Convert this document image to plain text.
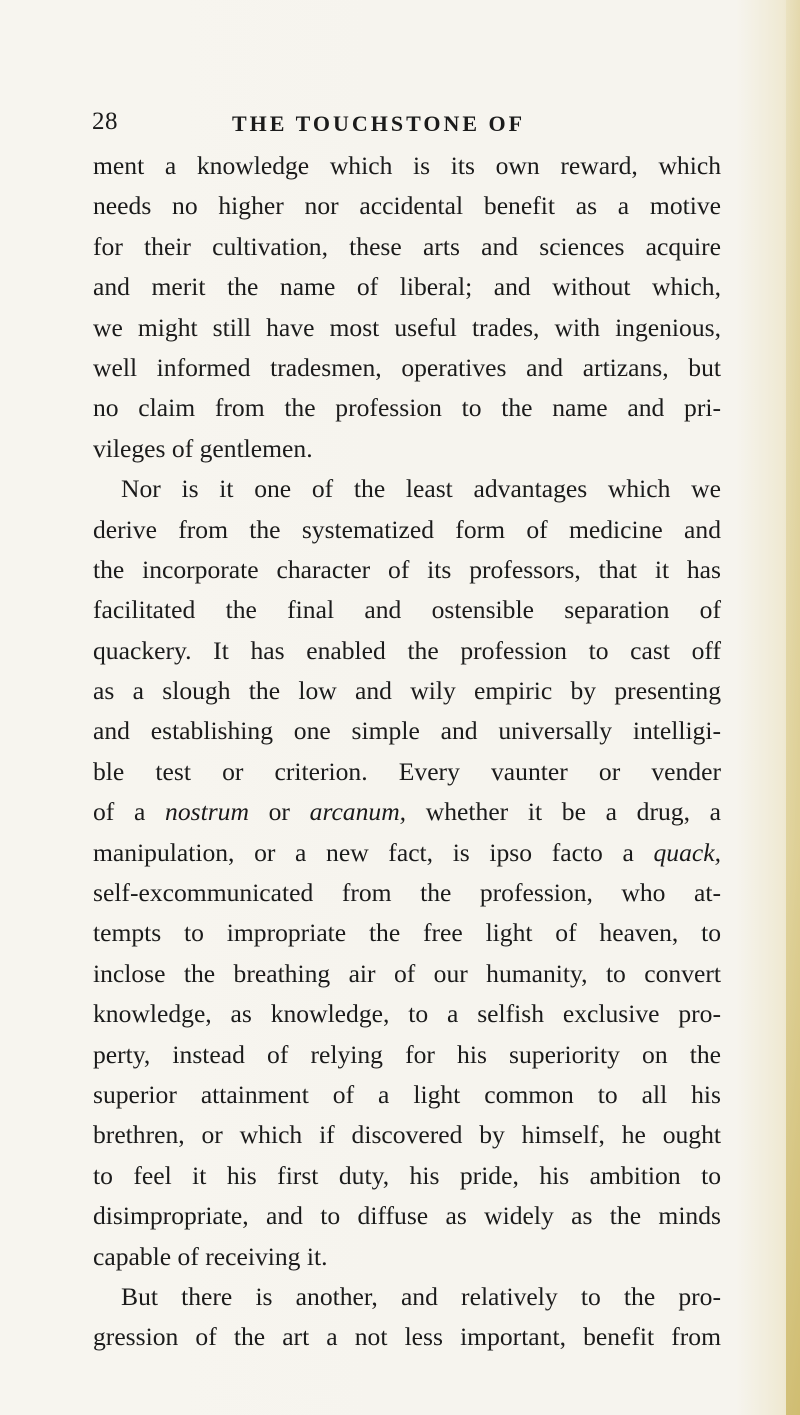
28	THE TOUCHSTONE OF
ment a knowledge which is its own reward, which
needs no higher nor accidental benefit as a motive
for their cultivation, these arts and sciences acquire
and merit the name of liberal; and without which,
we might still have most useful trades, with ingenious,
well informed tradesmen, operatives and artizans, but
no claim from the profession to the name and pri-
vileges of gentlemen.
Nor is it one of the least advantages which we
derive from the systematized form of medicine and
the incorporate character of its professors, that it has
facilitated the final and ostensible separation of
quackery. It has enabled the profession to cast off
as a slough the low and wily empiric by presenting
and establishing one simple and universally intelligi-
ble test or criterion. Every vaunter or vender
of a nostrum or arcanum, whether it be a drug, a
manipulation, or a new fact, is ipso facto a quack,
self-excommunicated from the profession, who at-
tempts to impropriate the free light of heaven, to
inclose the breathing air of our humanity, to convert
knowledge, as knowledge, to a selfish exclusive pro-
perty, instead of relying for his superiority on the
superior attainment of a light common to all his
brethren, or which if discovered by himself, he ought
to feel it his first duty, his pride, his ambition to
disimpropriate, and to diffuse as widely as the minds
capable of receiving it.
But there is another, and relatively to the pro-
gression of the art a not less important, benefit from
